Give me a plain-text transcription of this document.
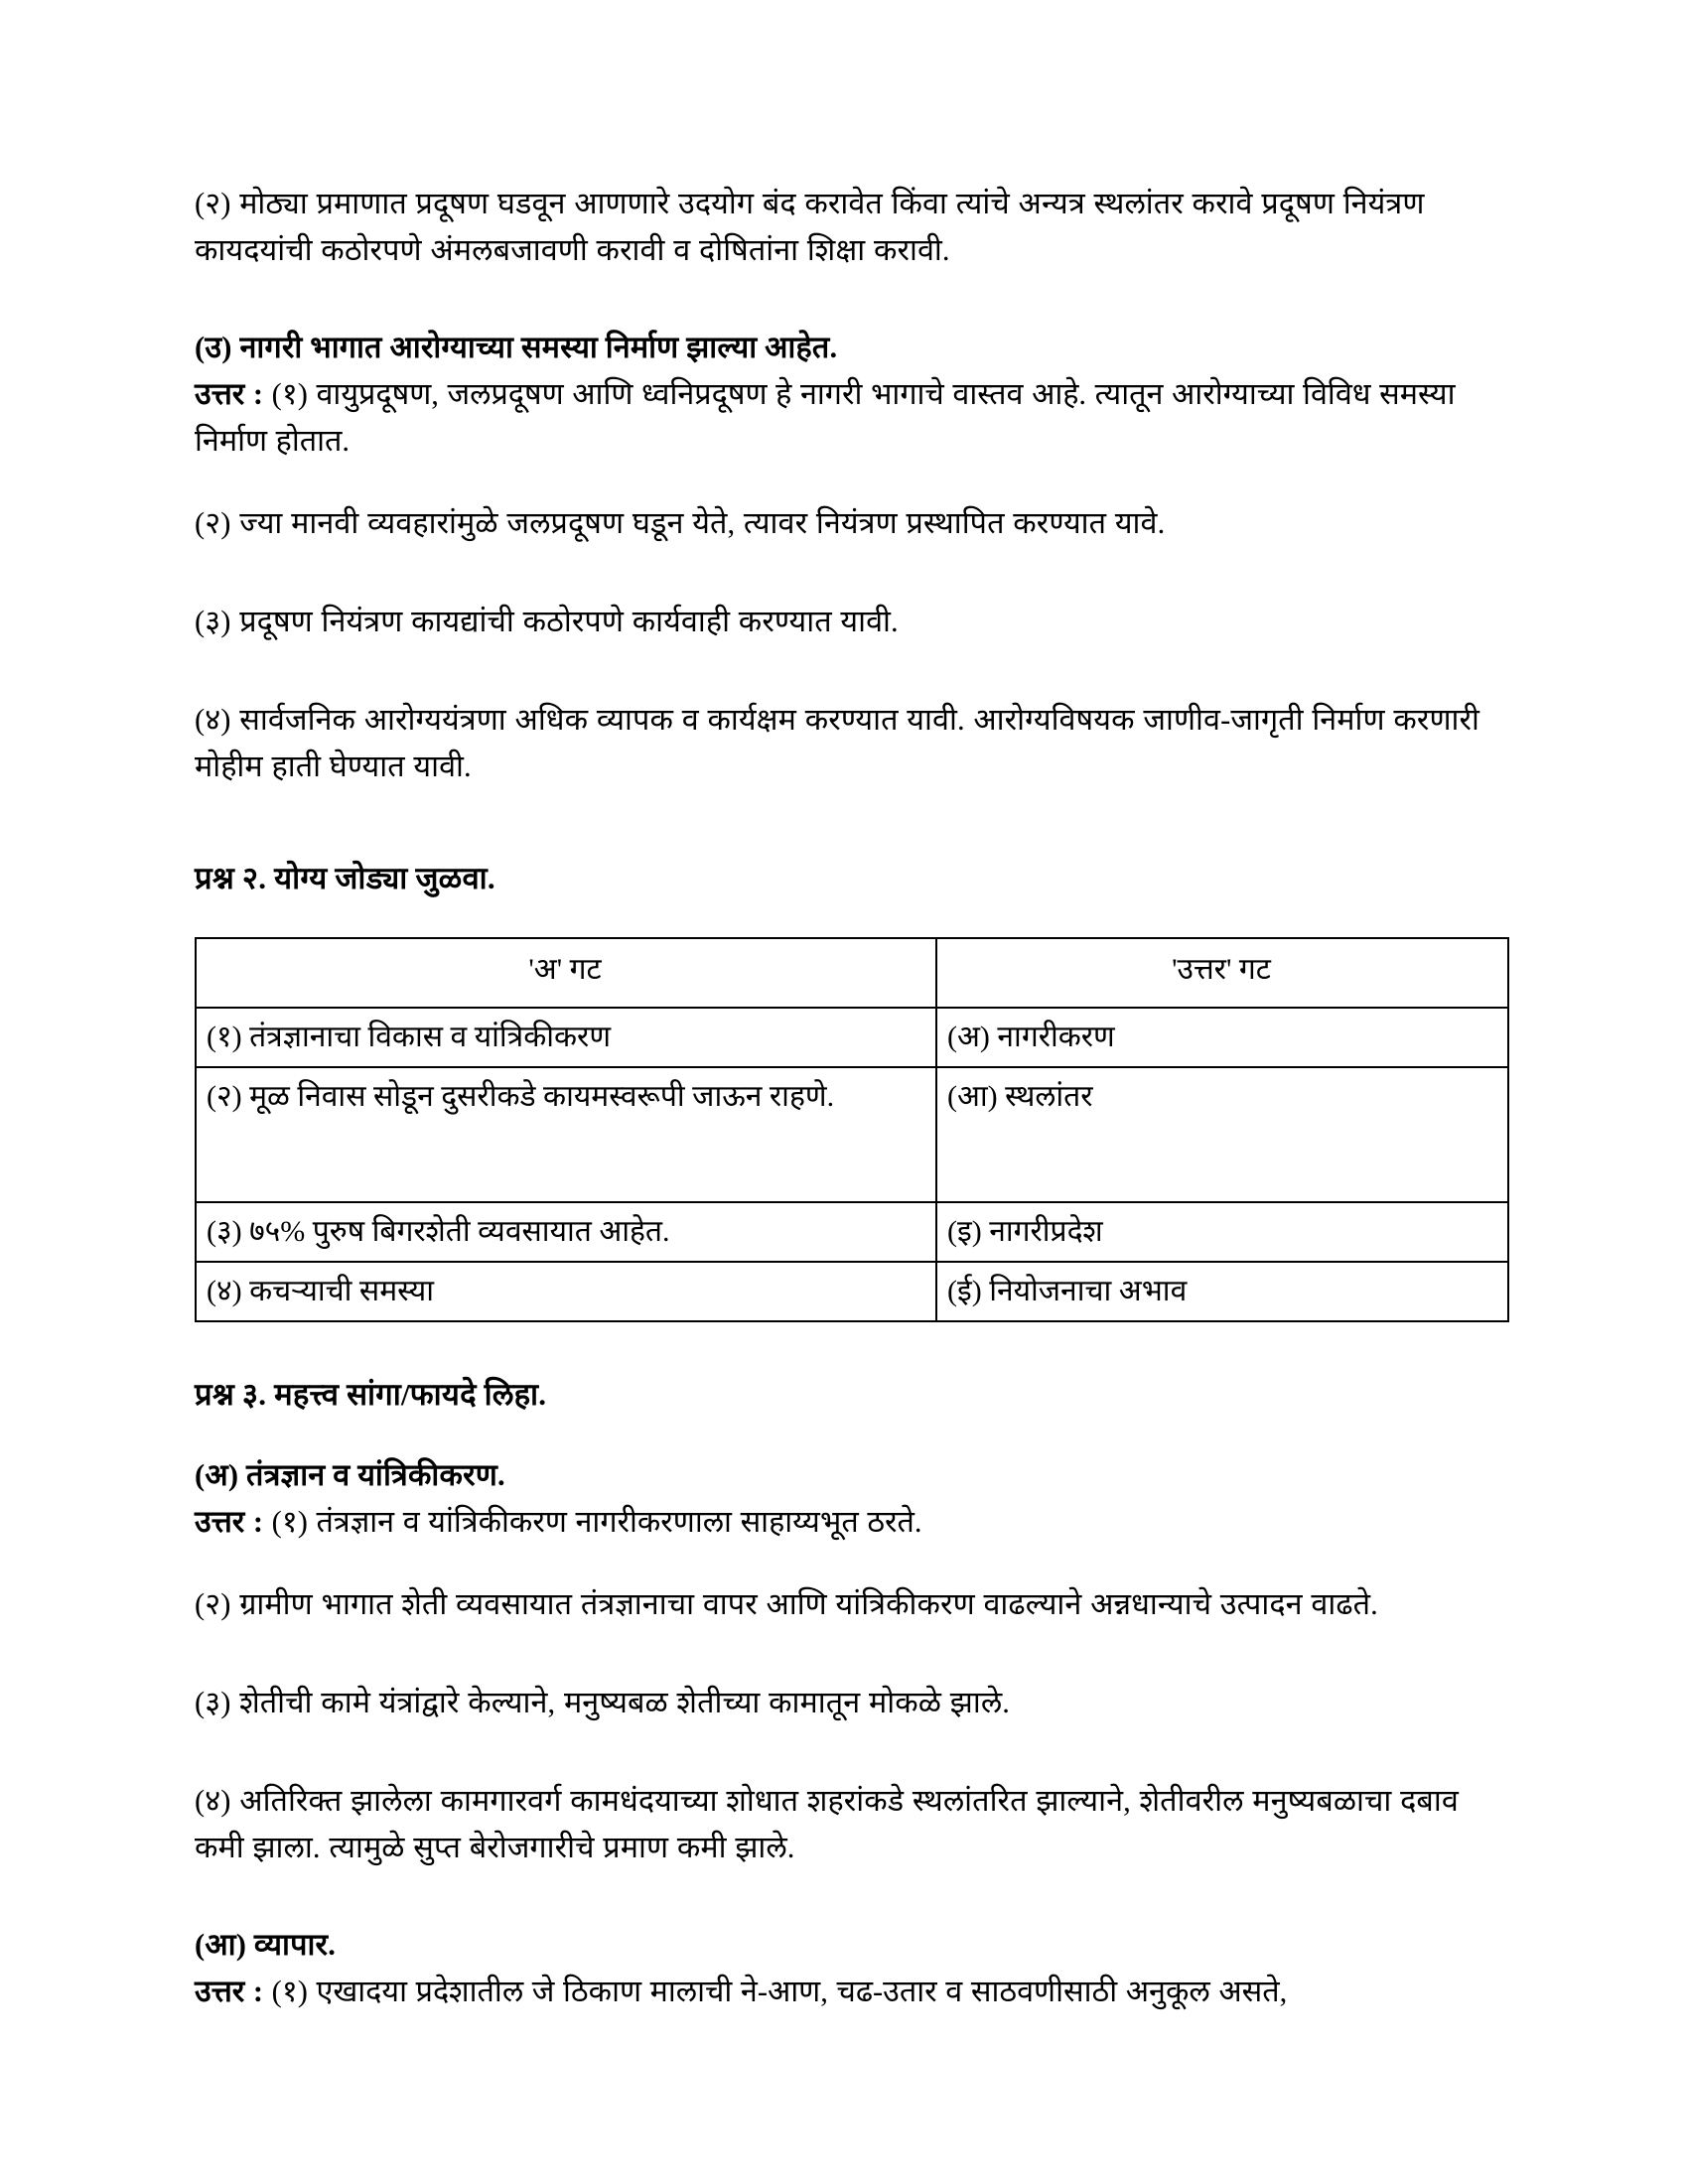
(२) मोठ्या प्रमाणात प्रदूषण घडवून आणणारे उदयोग बंद करावेत किंवा त्यांचे अन्यत्र स्थलांतर करावे प्रदूषण नियंत्रण कायदयांची कठोरपणे अंमलबजावणी करावी व दोषितांना शिक्षा करावी.

(उ) नागरी भागात आरोग्याच्या समस्या निर्माण झाल्या आहेत.

उत्तर : (१) वायुप्रदूषण, जलप्रदूषण आणि ध्वनिप्रदूषण हे नागरी भागाचे वास्तव आहे. त्यातून आरोग्याच्या विविध समस्या निर्माण होतात.

(२) ज्या मानवी व्यवहारांमुळे जलप्रदूषण घडून येते, त्यावर नियंत्रण प्रस्थापित करण्यात यावे.

(३) प्रदूषण नियंत्रण कायद्यांची कठोरपणे कार्यवाही करण्यात यावी.

(४) सार्वजनिक आरोग्ययंत्रणा अधिक व्यापक व कार्यक्षम करण्यात यावी. आरोग्यविषयक जाणीव-जागृती निर्माण करणारी मोहीम हाती घेण्यात यावी.

प्रश्न २. योग्य जोड्या जुळवा.

'अ' गट	'उत्तर' गट
(१) तंत्रज्ञानाचा विकास व यांत्रिकीकरण	(अ) नागरीकरण
(२) मूळ निवास सोडून दुसरीकडे कायमस्वरूपी जाऊन राहणे.	(आ) स्थलांतर
(३) ७५% पुरुष बिगरशेती व्यवसायात आहेत.	(इ) नागरीप्रदेश
(४) कचऱ्याची समस्या	(ई) नियोजनाचा अभाव

प्रश्न ३. महत्त्व सांगा/फायदे लिहा.

(अ) तंत्रज्ञान व यांत्रिकीकरण.

उत्तर : (१) तंत्रज्ञान व यांत्रिकीकरण नागरीकरणाला साहाय्यभूत ठरते.

(२) ग्रामीण भागात शेती व्यवसायात तंत्रज्ञानाचा वापर आणि यांत्रिकीकरण वाढल्याने अन्नधान्याचे उत्पादन वाढते.

(३) शेतीची कामे यंत्रांद्वारे केल्याने, मनुष्यबळ शेतीच्या कामातून मोकळे झाले.

(४) अतिरिक्त झालेला कामगारवर्ग कामधंदयाच्या शोधात शहरांकडे स्थलांतरित झाल्याने, शेतीवरील मनुष्यबळाचा दबाव कमी झाला. त्यामुळे सुप्त बेरोजगारीचे प्रमाण कमी झाले.

(आ) व्यापार.

उत्तर : (१) एखादया प्रदेशातील जे ठिकाण मालाची ने-आण, चढ-उतार व साठवणीसाठी अनुकूल असते,
